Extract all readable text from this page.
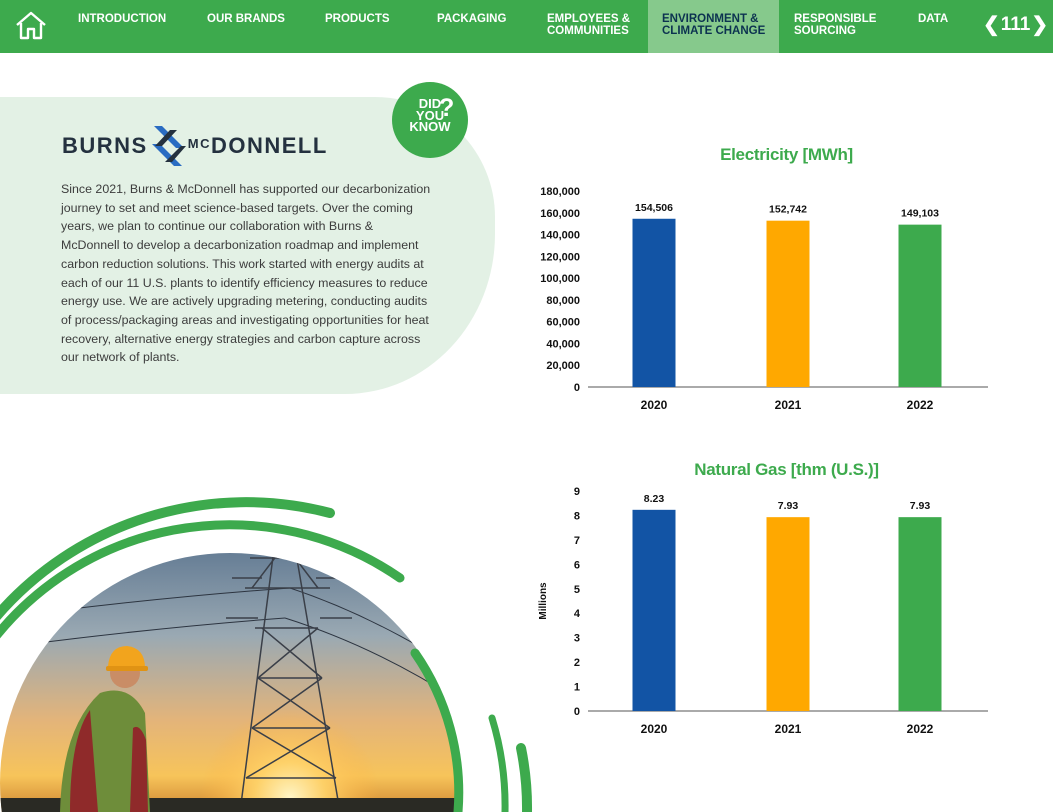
INTRODUCTION	OUR BRANDS	PRODUCTS	PACKAGING	EMPLOYEES &
COMMUNITIES
ENVIRONMENT &
CLIMATE CHANGE
RESPONSIBLE
SOURCING
DATA ❮ 111 ❯
DID
YOU
KNOW
?
BURNS	MC DONNELL
Since 2021, Burns & McDonnell has supported our decarbonization journey to set and meet science-based targets. Over the coming years, we plan to continue our collaboration with Burns & McDonnell to develop a decarbonization roadmap and implement carbon reduction solutions. This work started with energy audits at each of our 11 U.S. plants to identify efficiency measures to reduce energy use. We are actively upgrading metering, conducting audits of process/packaging areas and investigating opportunities for heat recovery, alternative energy strategies and carbon capture across our network of plants.
Electricity [MWh]
0
20,000
40,000
60,000
80,000
100,000
120,000
140,000
160,000
180,000
154,506
2020
152,742
2021
149,103
2022
Natural Gas [thm (U.S.)]
0
1
2
3
4
5
6
7
8
9
8.23
2020
7.93
2021
7.93
2022
Millions
